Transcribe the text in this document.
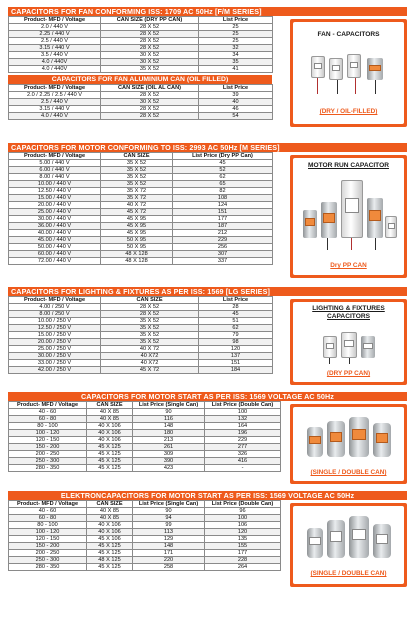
CAPACITORS FOR FAN CONFORMING ISS: 1709 AC 50Hz [F/M SERIES]
Product- MFD / Voltage	CAN SIZE (DRY PP CAN)	List Price
2.0 / 440 V	28 X 52	25
2.25 / 440 V	28 X 52	25
2.5 / 440 V	28 X 52	25
3.15 / 440 V	28 X 52	32
3.5 / 440 V	30 X 52	34
4.0 / 440V	30 X 52	35
4.0 / 440V	35 X 52	41
CAPACITORS FOR FAN ALUMINIUM CAN (OIL FILLED)
Product- MFD / Voltage	CAN SIZE (OIL AL CAN)	List Price
2.0 / 2.25 / 2.5 / 440 V	28 X 52	39
2.5 / 440 V	30 X 52	40
3.15 / 440 V	28 X 52	46
4.0 / 440 V	28 X 52	54
FAN - CAPACITORS
(DRY / OIL-FILLED)
CAPACITORS FOR MOTOR CONFORMING TO ISS: 2993 AC 50Hz [M SERIES]
Product- MFD / Voltage	CAN SIZE	List Price (Dry PP Can)
5.00 / 440 V	35 X 52	45
6.00 / 440 V	35 X 52	52
8.00 / 440 V	35 X 52	62
10.00 / 440 V	35 X 52	65
12.50 / 440 V	35 X 72	82
15.00 / 440 V	35 X 72	108
20.00 / 440 V	40 X 72	124
25.00 / 440 V	45 X 72	151
30.00 / 440 V	45 X 95	177
36.00 / 440 V	45 X 95	187
40.00 / 440 V	45 X 95	212
45.00 / 440 V	50 X 95	229
50.00 / 440 V	50 X 95	256
60.00 / 440 V	48 X 128	307
72.00 / 440 V	48 X 128	337
MOTOR RUN CAPACITOR
Dry PP CAN
CAPACITORS FOR LIGHTING & FIXTURES AS PER ISS: 1569 [LG SERIES]
Product- MFD / Voltage	CAN SIZE	List Price
4.00 / 250 V	28 X 52	28
8.00 / 250 V	28 X 52	45
10.00 / 250 V	35 X 52	51
12.50 / 250 V	35 X 52	62
15.00 / 250 V	35 X 52	79
20.00 / 250 V	35 X 52	98
25.00 / 250 V	40 X 72	120
30.00 / 250 V	40 X72	137
33.00 / 250 V	40 X72	151
42.00 / 250 V	45 X 72	184
LIGHTING & FIXTURES CAPACITORS
(DRY PP CAN)
CAPACITORS FOR MOTOR START AS PER ISS: 1569 VOLTAGE AC 50Hz
Product- MFD / Voltage	CAN SIZE	List Price (Single Can)	List Price (Double Can)
40 - 60	40 X 85	90	100
60 - 80	40 X 85	116	132
80 - 100	40 X 106	148	164
100 - 120	40 X 106	180	196
120 - 150	40 X 106	213	229
150 - 200	45 X 125	261	277
200 - 250	45 X 125	309	326
250 - 300	45 X 125	390	416
280 - 350	45 X 125	423	-
(SINGLE / DOUBLE CAN)
ELEKTRONCAPACITORS FOR MOTOR START AS PER ISS: 1569 VOLTAGE AC 50Hz
Product- MFD / Voltage	CAN SIZE	List Price (Single Can)	List Price (Double Can)
40 - 60	40 X 85	90	96
60 - 80	40 X 85	94	100
80 - 100	40 X 106	99	106
100 - 120	40 X 106	113	120
120 - 150	45 X 106	129	135
150 - 200	45 X 125	148	155
200 - 250	45 X 125	171	177
250 - 300	48 X 125	220	228
280 - 350	45 X 125	258	264
(SINGLE / DOUBLE CAN)
